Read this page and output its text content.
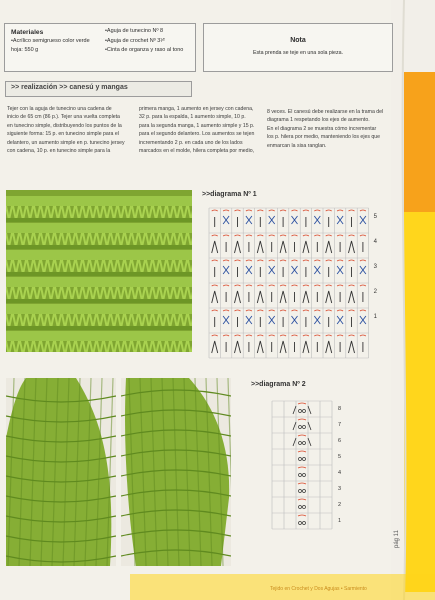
pág 11
Tejido en Crochet y Dos Agujas • Sarmiento
Materiales
•Acrílico semigrueso color verde
hoja: 550 g
•Aguja de tunecino Nº 8
•Aguja de crochet Nº 3¹⁄²
•Cinta de organza y raso al tono
Nota
Esta prenda se teje en una sola pieza.
>> realización >> canesú y mangas
Tejer con la aguja de tunecino una cadena de
inicio de 65 cm (86 p.). Tejer una vuelta completa
en tunecino simple, distribuyendo los puntos de la
siguiente forma: 15 p. en tunecino simple para el
delantero, un aumento simple en p. tunecino jersey
con cadena, 10 p. en tunecino simple para la
primera manga, 1 aumento en jersey con cadena,
32 p. para la espalda, 1 aumento simple, 10 p.
para la segunda manga, 1 aumento simple y 15 p.
para el segundo delantero. Los aumentos se tejen
incrementando 2 p. en cada uno de los lados
marcados en el molde, hilera completa por medio,
8 veces. El canesú debe realizarse en la trama del
diagrama 1 respetando los ejes de aumento.
En el diagrama 2 se muestra cómo incrementar
los p. hilera por medio, manteniendo los ejes que
enmarcan la sisa ranglan.
>>diagrama Nº 1
5
4
3
2
1
>>diagrama Nº 2
8
7
6
5
4
3
2
1
